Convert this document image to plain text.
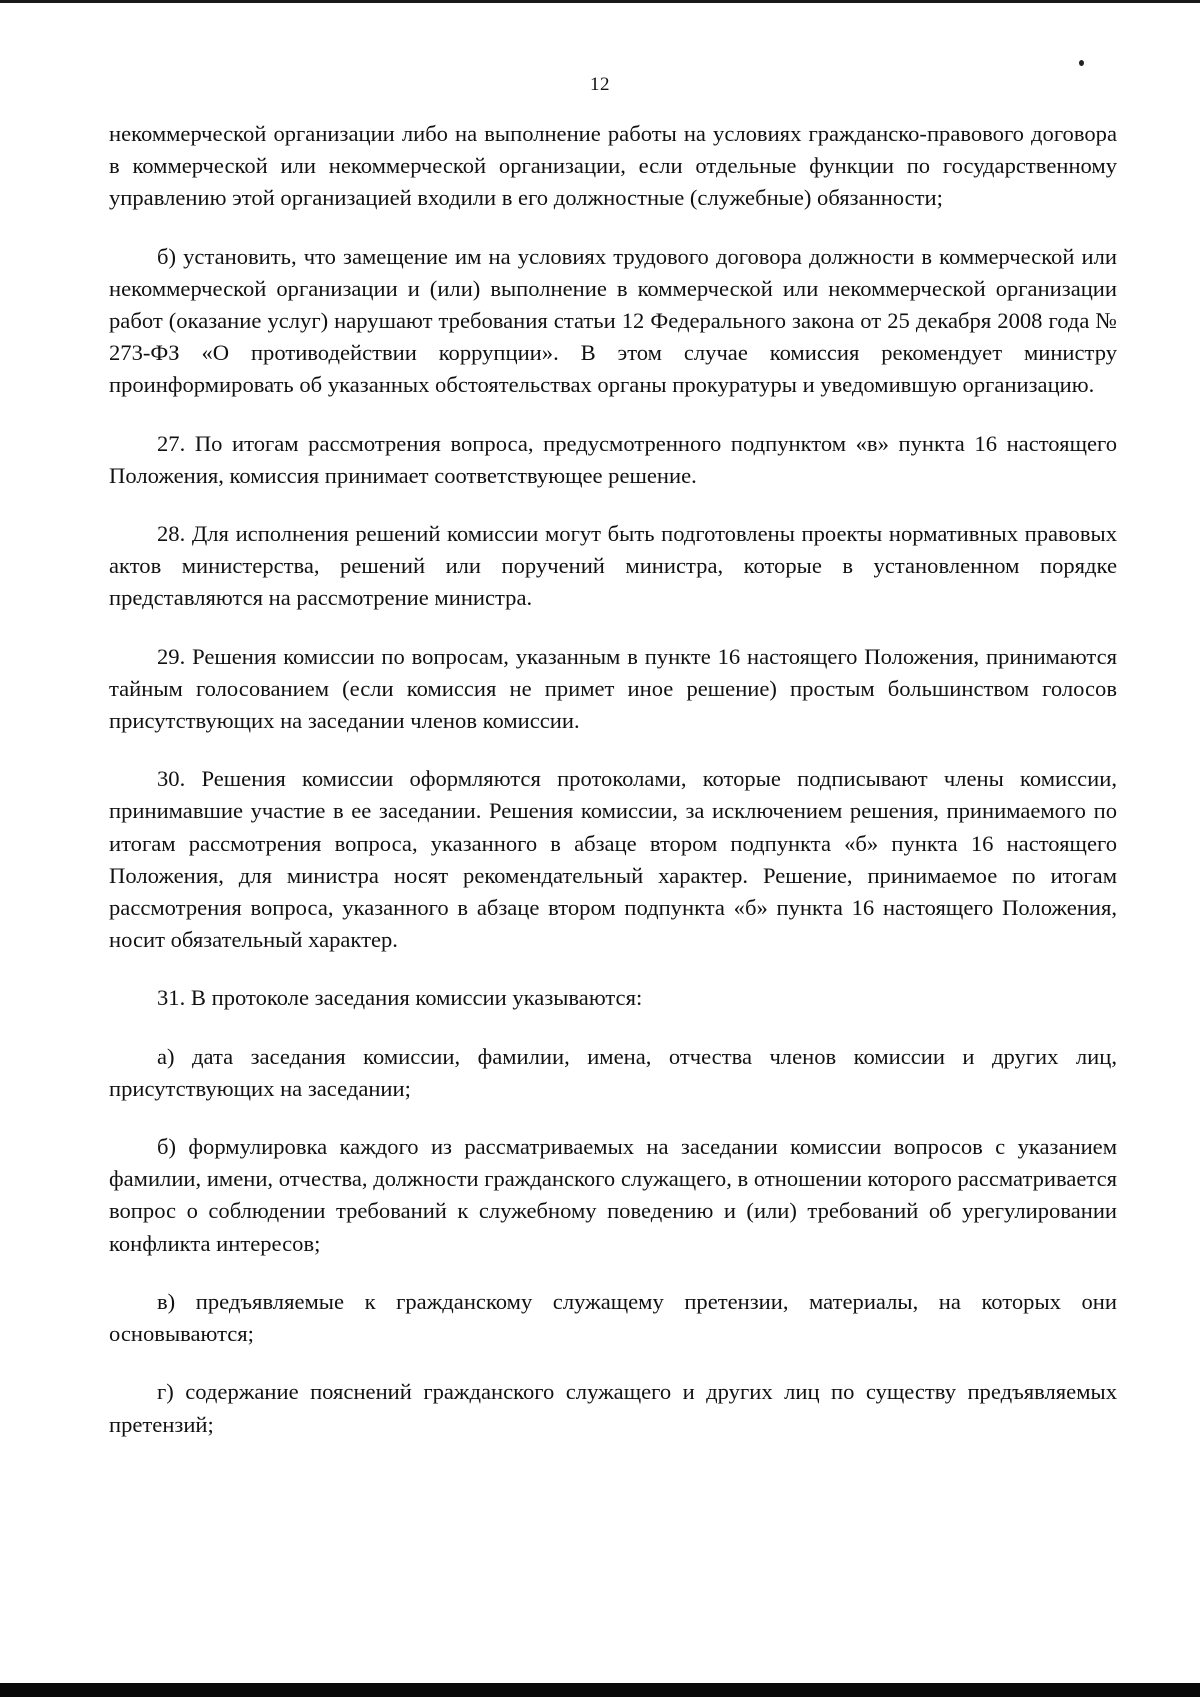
12

некоммерческой организации либо на выполнение работы на условиях гражданско-правового договора в коммерческой или некоммерческой организации, если отдельные функции по государственному управлению этой организацией входили в его должностные (служебные) обязанности;

б) установить, что замещение им на условиях трудового договора должности в коммерческой или некоммерческой организации и (или) выполнение в коммерческой или некоммерческой организации работ (оказание услуг) нарушают требования статьи 12 Федерального закона от 25 декабря 2008 года № 273-ФЗ «О противодействии коррупции». В этом случае комиссия рекомендует министру проинформировать об указанных обстоятельствах органы прокуратуры и уведомившую организацию.

27. По итогам рассмотрения вопроса, предусмотренного подпунктом «в» пункта 16 настоящего Положения, комиссия принимает соответствующее решение.

28. Для исполнения решений комиссии могут быть подготовлены проекты нормативных правовых актов министерства, решений или поручений министра, которые в установленном порядке представляются на рассмотрение министра.

29. Решения комиссии по вопросам, указанным в пункте 16 настоящего Положения, принимаются тайным голосованием (если комиссия не примет иное решение) простым большинством голосов присутствующих на заседании членов комиссии.

30. Решения комиссии оформляются протоколами, которые подписывают члены комиссии, принимавшие участие в ее заседании. Решения комиссии, за исключением решения, принимаемого по итогам рассмотрения вопроса, указанного в абзаце втором подпункта «б» пункта 16 настоящего Положения, для министра носят рекомендательный характер. Решение, принимаемое по итогам рассмотрения вопроса, указанного в абзаце втором подпункта «б» пункта 16 настоящего Положения, носит обязательный характер.

31. В протоколе заседания комиссии указываются:

а) дата заседания комиссии, фамилии, имена, отчества членов комиссии и других лиц, присутствующих на заседании;

б) формулировка каждого из рассматриваемых на заседании комиссии вопросов с указанием фамилии, имени, отчества, должности гражданского служащего, в отношении которого рассматривается вопрос о соблюдении требований к служебному поведению и (или) требований об урегулировании конфликта интересов;

в) предъявляемые к гражданскому служащему претензии, материалы, на которых они основываются;

г) содержание пояснений гражданского служащего и других лиц по существу предъявляемых претензий;
